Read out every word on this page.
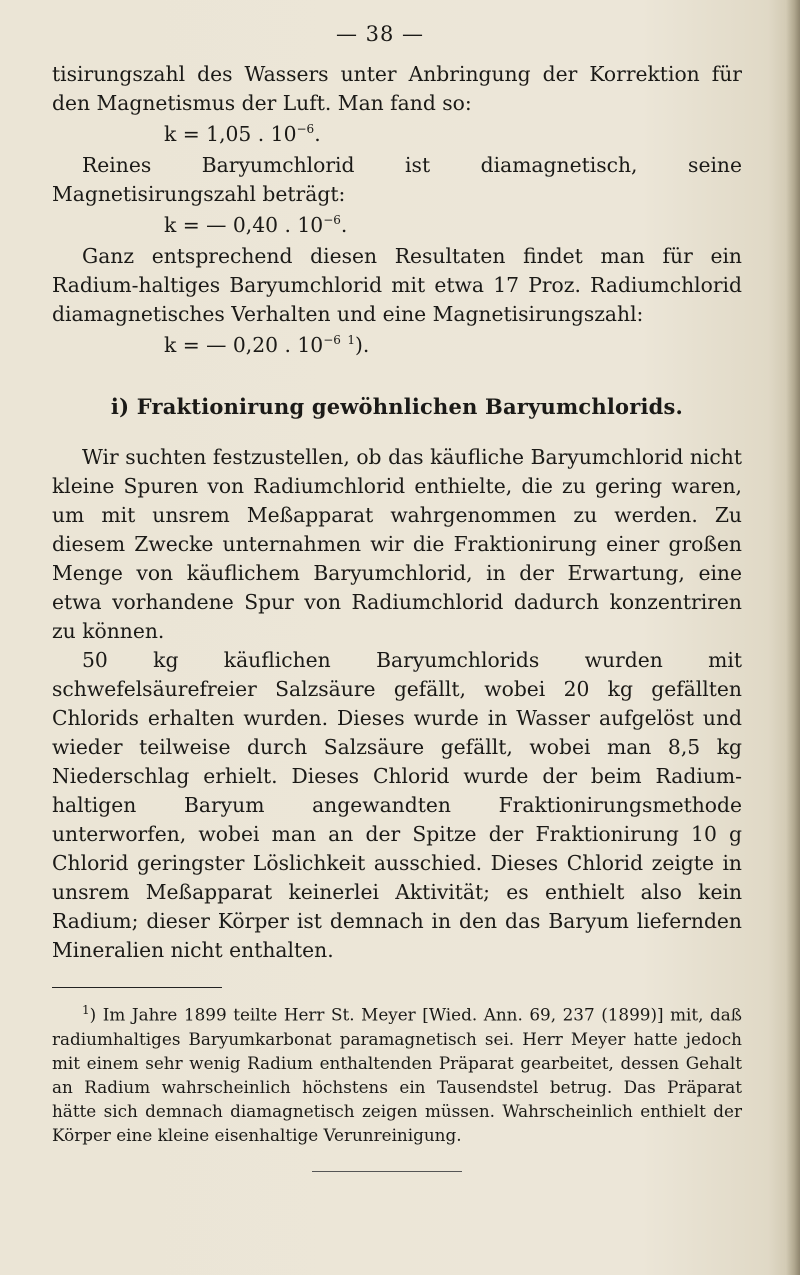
— 38 —

tisirungszahl des Wassers unter Anbringung der Korrektion für den Magnetismus der Luft. Man fand so:

k = 1,05 . $10^{-6}$.

Reines Baryumchlorid ist diamagnetisch, seine Magnetisirungszahl beträgt:

k = — 0,40 . $10^{-6}$.

Ganz entsprechend diesen Resultaten findet man für ein Radium-haltiges Baryumchlorid mit etwa 17 Proz. Radiumchlorid diamagnetisches Verhalten und eine Magnetisirungszahl:

k = — 0,20 . $10^{-6}$ $^1$).

i) Fraktionirung gewöhnlichen Baryumchlorids.

Wir suchten festzustellen, ob das käufliche Baryumchlorid nicht kleine Spuren von Radiumchlorid enthielte, die zu gering waren, um mit unsrem Meßapparat wahrgenommen zu werden. Zu diesem Zwecke unternahmen wir die Fraktionirung einer großen Menge von käuflichem Baryumchlorid, in der Erwartung, eine etwa vorhandene Spur von Radiumchlorid dadurch konzentriren zu können.

50 kg käuflichen Baryumchlorids wurden mit schwefelsäurefreier Salzsäure gefällt, wobei 20 kg gefällten Chlorids erhalten wurden. Dieses wurde in Wasser aufgelöst und wieder teilweise durch Salzsäure gefällt, wobei man 8,5 kg Niederschlag erhielt. Dieses Chlorid wurde der beim Radium-haltigen Baryum angewandten Fraktionirungsmethode unterworfen, wobei man an der Spitze der Fraktionirung 10 g Chlorid geringster Löslichkeit ausschied. Dieses Chlorid zeigte in unsrem Meßapparat keinerlei Aktivität; es enthielt also kein Radium; dieser Körper ist demnach in den das Baryum liefernden Mineralien nicht enthalten.

$^1$) Im Jahre 1899 teilte Herr St. Meyer [Wied. Ann. 69, 237 (1899)] mit, daß radiumhaltiges Baryumkarbonat paramagnetisch sei. Herr Meyer hatte jedoch mit einem sehr wenig Radium enthaltenden Präparat gearbeitet, dessen Gehalt an Radium wahrscheinlich höchstens ein Tausendstel betrug. Das Präparat hätte sich demnach diamagnetisch zeigen müssen. Wahrscheinlich enthielt der Körper eine kleine eisenhaltige Verunreinigung.
